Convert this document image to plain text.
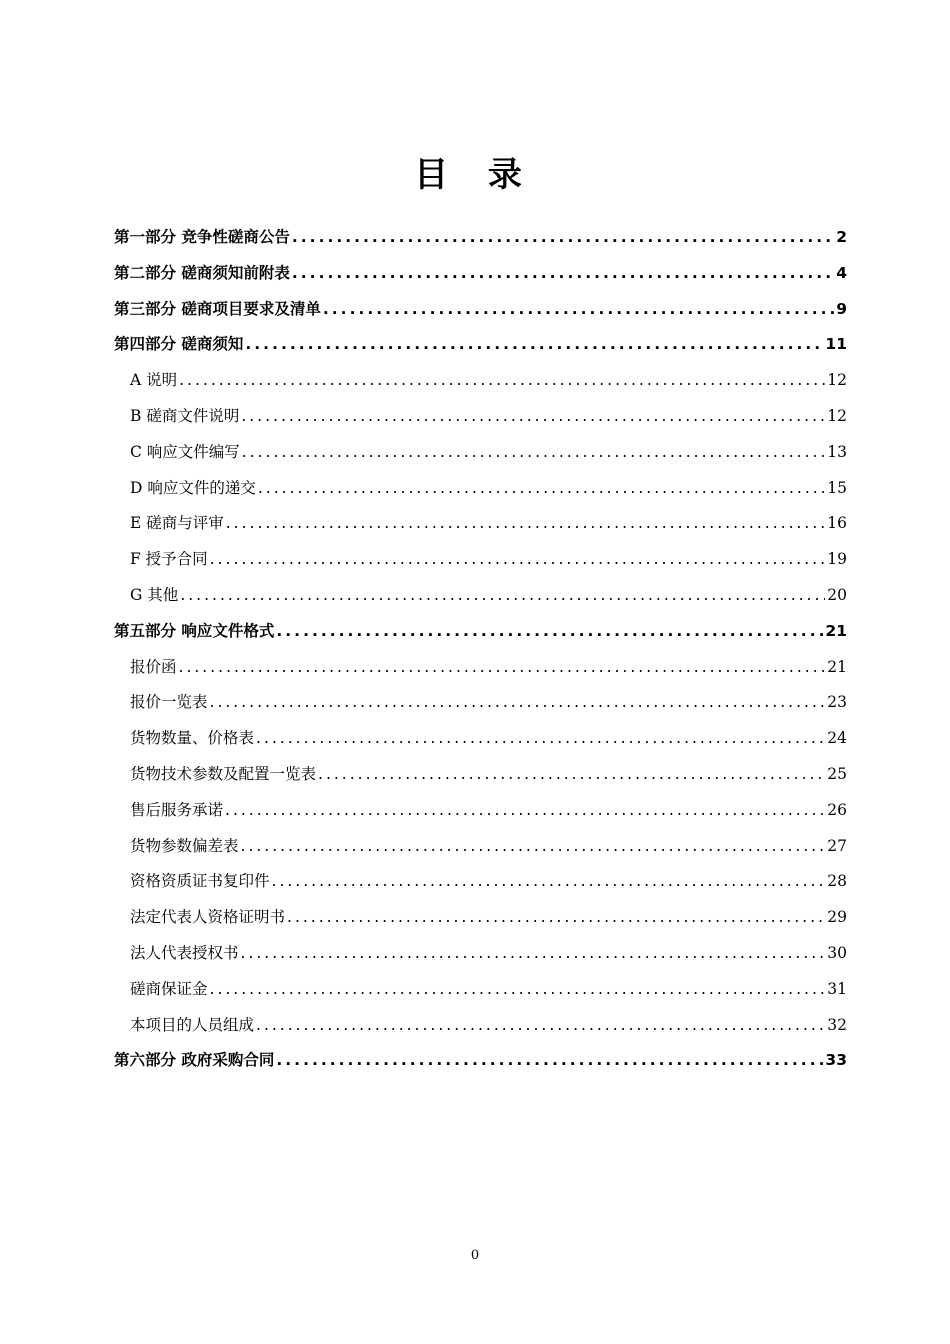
目 录
第一部分 竞争性磋商公告 .....	2
第二部分 磋商须知前附表 .....	4
第三部分 磋商项目要求及清单 .....	9
第四部分 磋商须知 .....	11
A 说明 .....	12
B 磋商文件说明 .....	12
C 响应文件编写 .....	13
D 响应文件的递交 .....	15
E 磋商与评审 .....	16
F 授予合同 .....	19
G 其他 .....	20
第五部分 响应文件格式 .....	21
报价函 .....	21
报价一览表 .....	23
货物数量、价格表 .....	24
货物技术参数及配置一览表 .....	25
售后服务承诺 .....	26
货物参数偏差表 .....	27
资格资质证书复印件 .....	28
法定代表人资格证明书 .....	29
法人代表授权书 .....	30
磋商保证金 .....	31
本项目的人员组成 .....	32
第六部分 政府采购合同 .....	33
0
